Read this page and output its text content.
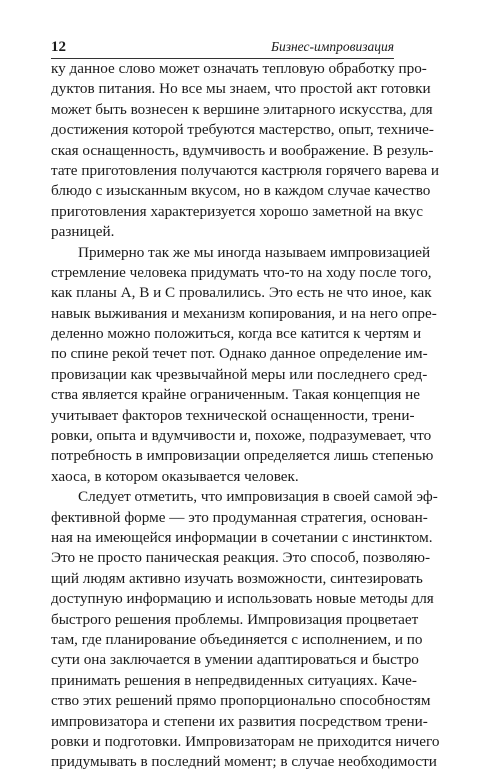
12	Бизнес-импровизация
ку данное слово может означать тепловую обработку про-
дуктов питания. Но все мы знаем, что простой акт готовки
может быть вознесен к вершине элитарного искусства, для
достижения которой требуются мастерство, опыт, техниче-
ская оснащенность, вдумчивость и воображение. В резуль-
тате приготовления получаются кастрюля горячего варева и
блюдо с изысканным вкусом, но в каждом случае качество
приготовления характеризуется хорошо заметной на вкус
разницей.
Примерно так же мы иногда называем импровизацией
стремление человека придумать что-то на ходу после того,
как планы А, В и С провалились. Это есть не что иное, как
навык выживания и механизм копирования, и на него опре-
деленно можно положиться, когда все катится к чертям и
по спине рекой течет пот. Однако данное определение им-
провизации как чрезвычайной меры или последнего сред-
ства является крайне ограниченным. Такая концепция не
учитывает факторов технической оснащенности, трени-
ровки, опыта и вдумчивости и, похоже, подразумевает, что
потребность в импровизации определяется лишь степенью
хаоса, в котором оказывается человек.
Следует отметить, что импровизация в своей самой эф-
фективной форме — это продуманная стратегия, основан-
ная на имеющейся информации в сочетании с инстинктом.
Это не просто паническая реакция. Это способ, позволяю-
щий людям активно изучать возможности, синтезировать
доступную информацию и использовать новые методы для
быстрого решения проблемы. Импровизация процветает
там, где планирование объединяется с исполнением, и по
сути она заключается в умении адаптироваться и быстро
принимать решения в непредвиденных ситуациях. Каче-
ство этих решений прямо пропорционально способностям
импровизатора и степени их развития посредством трени-
ровки и подготовки. Импровизаторам не приходится ничего
придумывать в последний момент; в случае необходимости
